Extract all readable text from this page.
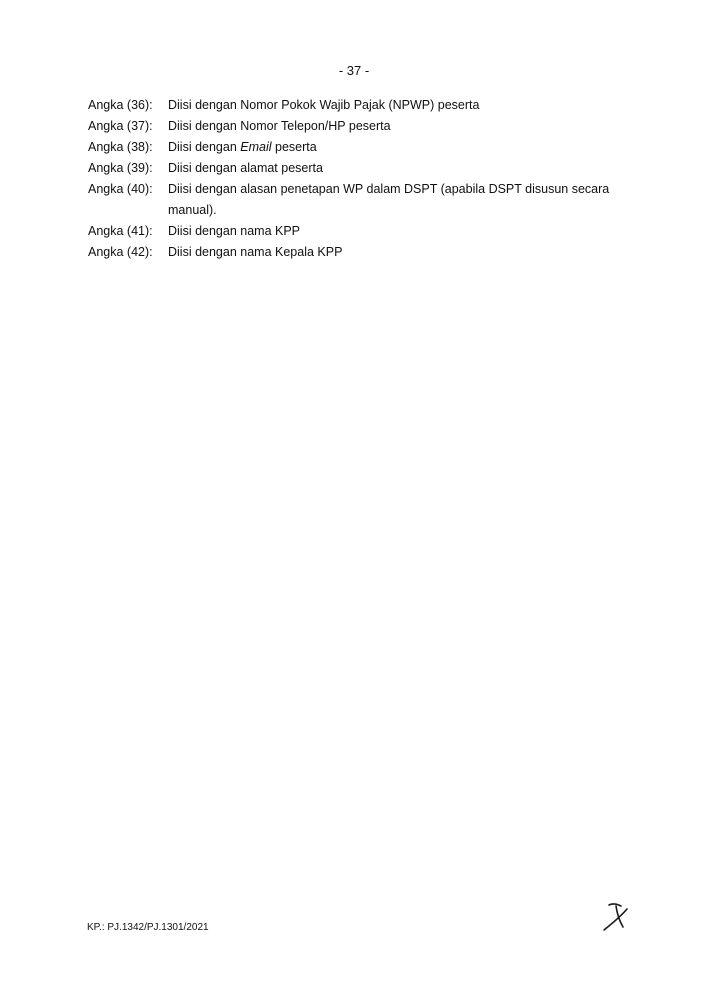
- 37 -
Angka (36):	Diisi dengan Nomor Pokok Wajib Pajak (NPWP) peserta
Angka (37):	Diisi dengan Nomor Telepon/HP peserta
Angka (38):	Diisi dengan Email peserta
Angka (39):	Diisi dengan alamat peserta
Angka (40):	Diisi dengan alasan penetapan WP dalam DSPT (apabila DSPT disusun secara manual).
Angka (41):	Diisi dengan nama KPP
Angka (42):	Diisi dengan nama Kepala KPP
KP.: PJ.1342/PJ.1301/2021
